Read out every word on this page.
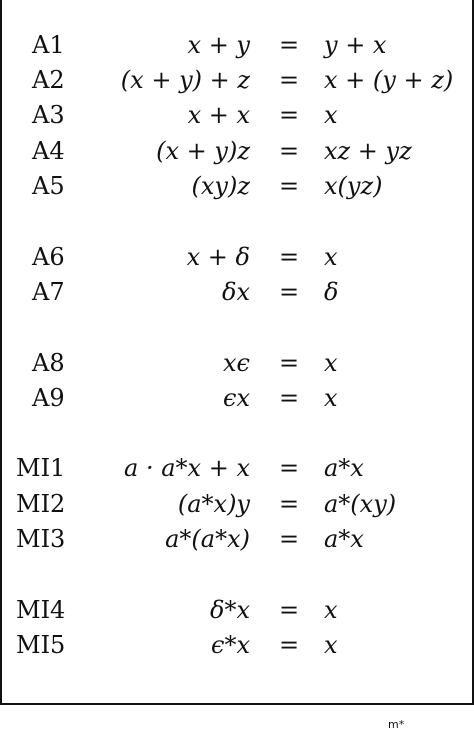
A1	x + y = y + x
A2 (x + y) + z = x + (y + z)
A3	x + x = x
A4	(x + y)z = xz + yz
A5	(xy)z = x(yz)
A6	x + δ = x
A7	δx = δ
A8	xϵ = x
A9	ϵx = x
MI1 a · a*x + x = a*x
MI2	(a*x)y = a*(xy)
MI3	a*(a*x) = a*x
MI4	δ*x = x
MI5	ϵ*x = x
m*
